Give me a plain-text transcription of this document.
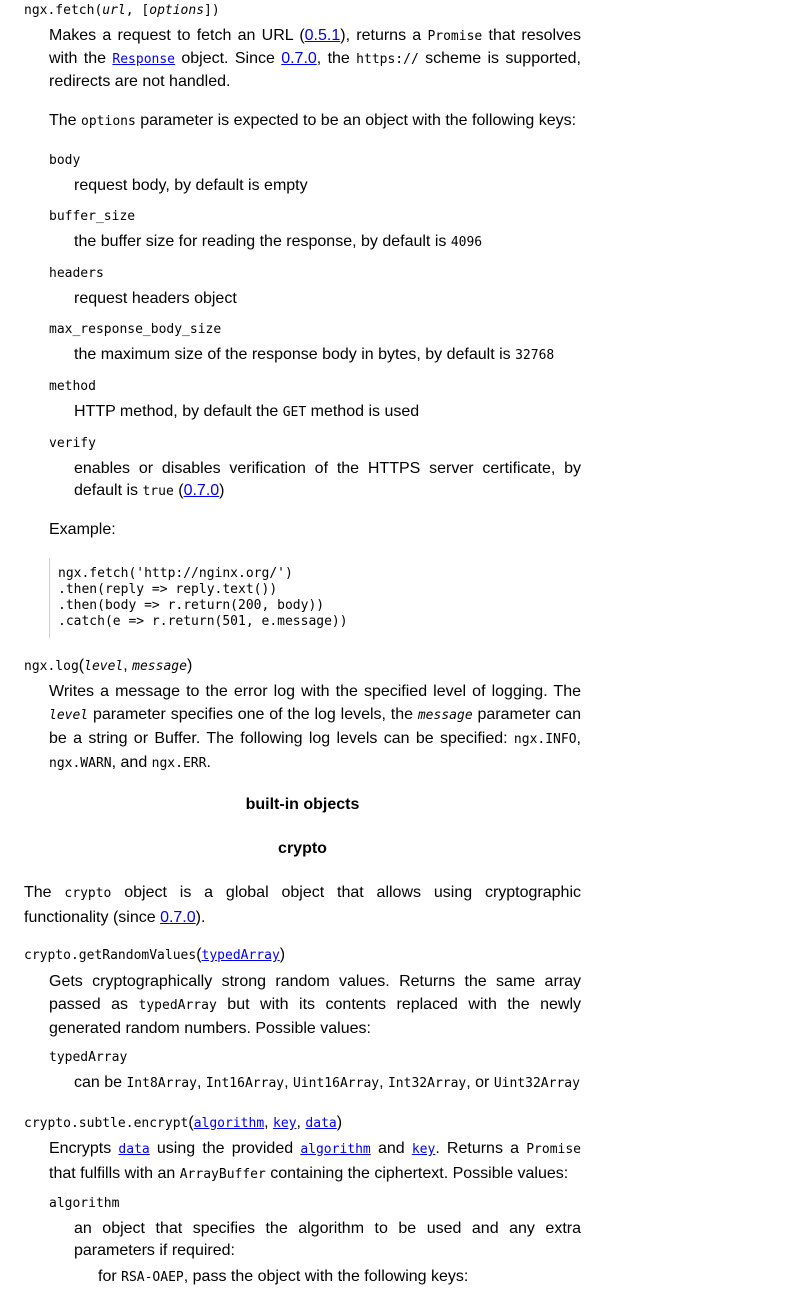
ngx.fetch(url, [options])

Makes a request to fetch an URL (0.5.1), returns a Promise that resolves with the Response object. Since 0.7.0, the https:// scheme is supported, redirects are not handled.

The options parameter is expected to be an object with the following keys:

body
request body, by default is empty
buffer_size
the buffer size for reading the response, by default is 4096
headers
request headers object
max_response_body_size
the maximum size of the response body in bytes, by default is 32768
method
HTTP method, by default the GET method is used
verify

enables or disables verification of the HTTPS server certificate, by default is true (0.7.0)

Example:
ngx.fetch('http://nginx.org/')
.then(reply => reply.text())
.then(body => r.return(200, body))
.catch(e => r.return(501, e.message))
ngx.log(level, message)

Writes a message to the error log with the specified level of logging. The level parameter specifies one of the log levels, the message parameter can be a string or Buffer. The following log levels can be specified: ngx.INFO, ngx.WARN, and ngx.ERR.

built-in objects
crypto

The crypto object is a global object that allows using cryptographic functionality (since 0.7.0).

crypto.getRandomValues(typedArray)

Gets cryptographically strong random values. Returns the same array passed as typedArray but with its contents replaced with the newly generated random numbers. Possible values:

typedArray
can be Int8Array, Int16Array, Uint16Array, Int32Array, or Uint32Array
crypto.subtle.encrypt(algorithm, key, data)

Encrypts data using the provided algorithm and key. Returns a Promise that fulfills with an ArrayBuffer containing the ciphertext. Possible values:

algorithm

an object that specifies the algorithm to be used and any extra parameters if required:

for RSA-OAEP, pass the object with the following keys:
